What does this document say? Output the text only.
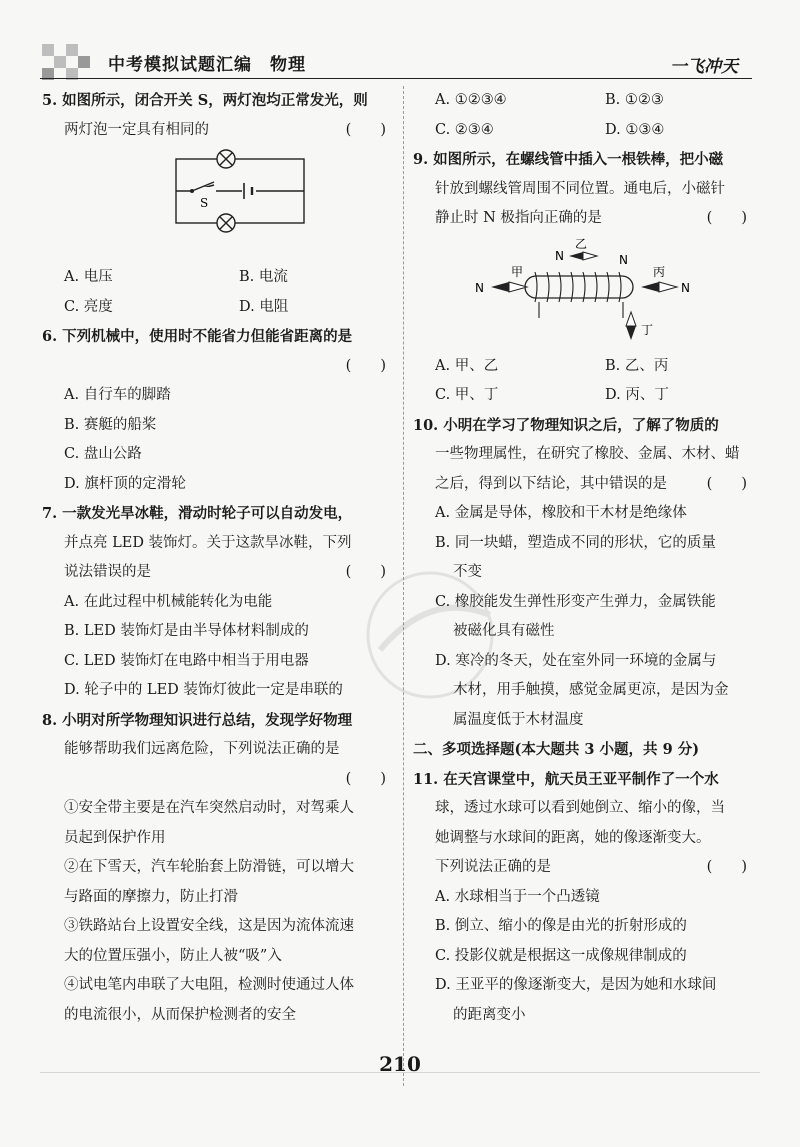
中考模拟试题汇编　物理	一飞冲天
5. 如图所示，闭合开关 S，两灯泡均正常发光，则
两灯泡一定具有相同的	(　　)
S
A. 电压	B. 电流
C. 亮度	D. 电阻
6. 下列机械中，使用时不能省力但能省距离的是
(　　)
A. 自行车的脚踏
B. 赛艇的船桨
C. 盘山公路
D. 旗杆顶的定滑轮
7. 一款发光旱冰鞋，滑动时轮子可以自动发电，
并点亮 LED 装饰灯。关于这款旱冰鞋，下列
说法错误的是	(　　)
A. 在此过程中机械能转化为电能
B. LED 装饰灯是由半导体材料制成的
C. LED 装饰灯在电路中相当于用电器
D. 轮子中的 LED 装饰灯彼此一定是串联的
8. 小明对所学物理知识进行总结，发现学好物理
能够帮助我们远离危险，下列说法正确的是
(　　)
①安全带主要是在汽车突然启动时，对驾乘人
员起到保护作用
②在下雪天，汽车轮胎套上防滑链，可以增大
与路面的摩擦力，防止打滑
③铁路站台上设置安全线，这是因为流体流速
大的位置压强小，防止人被“吸”入
④试电笔内串联了大电阻，检测时使通过人体
的电流很小，从而保护检测者的安全
A. ①②③④	B. ①②③
C. ②③④	D. ①③④
9. 如图所示，在螺线管中插入一根铁棒，把小磁
针放到螺线管周围不同位置。通电后，小磁针
静止时 N 极指向正确的是	(　　)
N
甲
N
乙
N
N
丙
丁
A. 甲、乙	B. 乙、丙
C. 甲、丁	D. 丙、丁
10. 小明在学习了物理知识之后，了解了物质的
一些物理属性，在研究了橡胶、金属、木材、蜡
之后，得到以下结论，其中错误的是	(　　)
A. 金属是导体，橡胶和干木材是绝缘体
B. 同一块蜡，塑造成不同的形状，它的质量
不变
C. 橡胶能发生弹性形变产生弹力，金属铁能
被磁化具有磁性
D. 寒冷的冬天，处在室外同一环境的金属与
木材，用手触摸，感觉金属更凉，是因为金
属温度低于木材温度
二、多项选择题(本大题共 3 小题，共 9 分)
11. 在天宫课堂中，航天员王亚平制作了一个水
球，透过水球可以看到她倒立、缩小的像，当
她调整与水球间的距离，她的像逐渐变大。
下列说法正确的是	(　　)
A. 水球相当于一个凸透镜
B. 倒立、缩小的像是由光的折射形成的
C. 投影仪就是根据这一成像规律制成的
D. 王亚平的像逐渐变大，是因为她和水球间
的距离变小
210
